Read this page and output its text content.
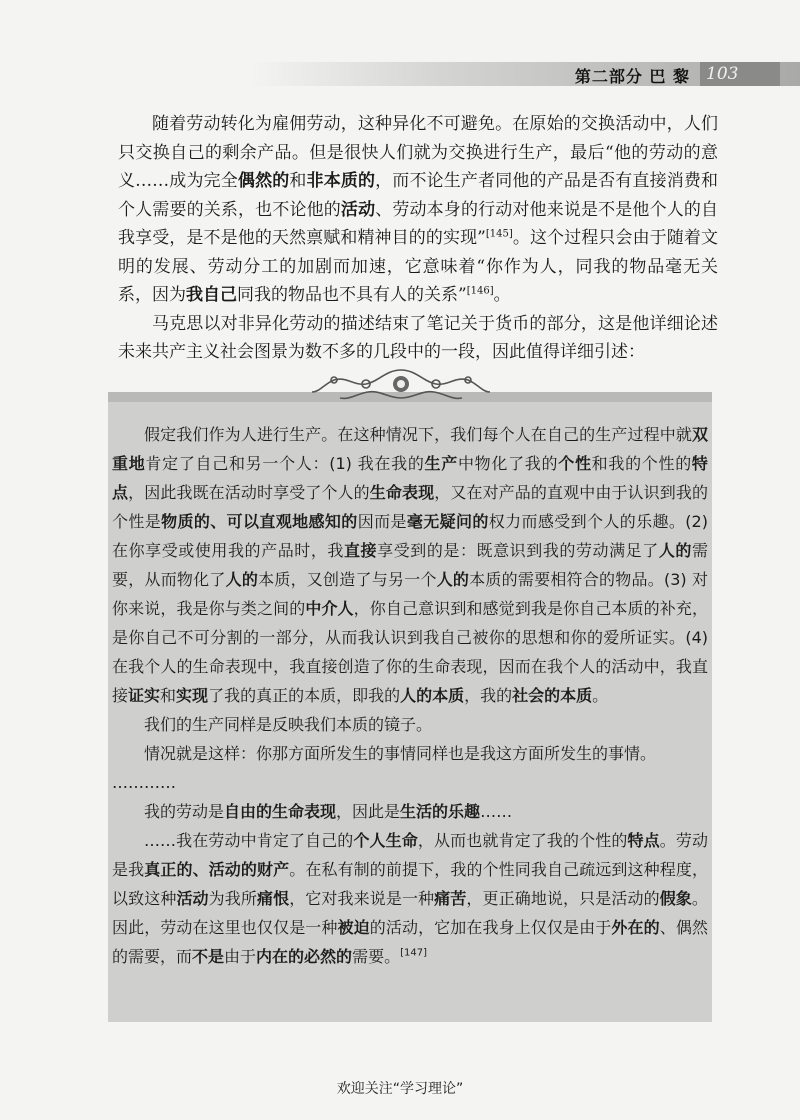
第二部分 巴 黎 103

随着劳动转化为雇佣劳动，这种异化不可避免。在原始的交换活动中，人们只交换自己的剩余产品。但是很快人们就为交换进行生产，最后“他的劳动的意义……成为完全偶然的和非本质的，而不论生产者同他的产品是否有直接消费和个人需要的关系，也不论他的活动、劳动本身的行动对他来说是不是他个人的自我享受，是不是他的天然禀赋和精神目的的实现”[145]。这个过程只会由于随着文明的发展、劳动分工的加剧而加速，它意味着“你作为人，同我的物品毫无关系，因为我自己同我的物品也不具有人的关系”[146]。

马克思以对非异化劳动的描述结束了笔记关于货币的部分，这是他详细论述未来共产主义社会图景为数不多的几段中的一段，因此值得详细引述：

假定我们作为人进行生产。在这种情况下，我们每个人在自己的生产过程中就双重地肯定了自己和另一个人：(1) 我在我的生产中物化了我的个性和我的个性的特点，因此我既在活动时享受了个人的生命表现，又在对产品的直观中由于认识到我的个性是物质的、可以直观地感知的因而是毫无疑问的权力而感受到个人的乐趣。(2) 在你享受或使用我的产品时，我直接享受到的是：既意识到我的劳动满足了人的需要，从而物化了人的本质，又创造了与另一个人的本质的需要相符合的物品。(3) 对你来说，我是你与类之间的中介人，你自己意识到和感觉到我是你自己本质的补充，是你自己不可分割的一部分，从而我认识到我自己被你的思想和你的爱所证实。(4) 在我个人的生命表现中，我直接创造了你的生命表现，因而在我个人的活动中，我直接证实和实现了我的真正的本质，即我的人的本质，我的社会的本质。

我们的生产同样是反映我们本质的镜子。

情况就是这样：你那方面所发生的事情同样也是我这方面所发生的事情。

…………

我的劳动是自由的生命表现，因此是生活的乐趣……

……我在劳动中肯定了自己的个人生命，从而也就肯定了我的个性的特点。劳动是我真正的、活动的财产。在私有制的前提下，我的个性同我自己疏远到这种程度，以致这种活动为我所痛恨，它对我来说是一种痛苦，更正确地说，只是活动的假象。因此，劳动在这里也仅仅是一种被迫的活动，它加在我身上仅仅是由于外在的、偶然的需要，而不是由于内在的必然的需要。[147]

欢迎关注“学习理论”
